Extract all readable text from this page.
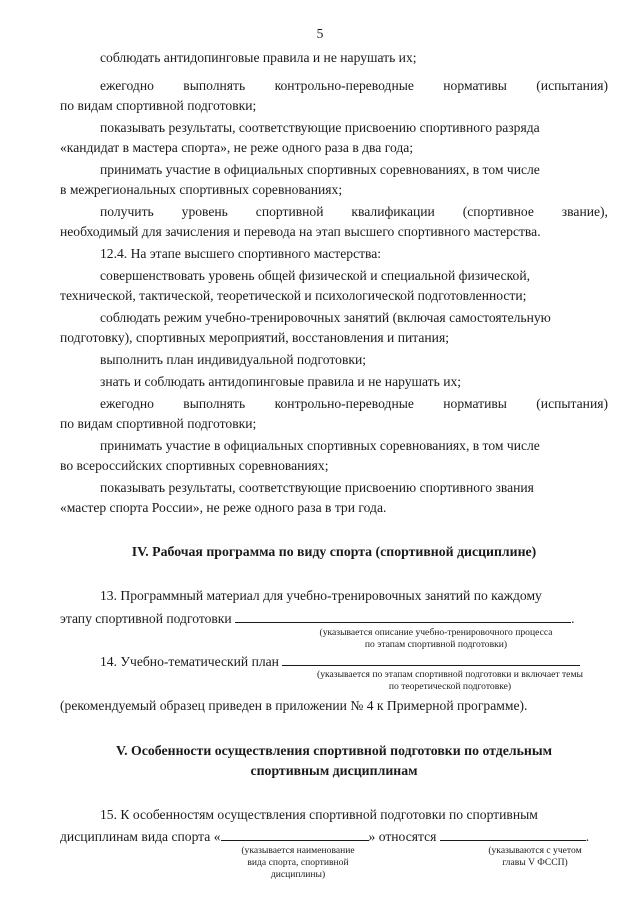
5
соблюдать антидопинговые правила и не нарушать их;
ежегодно выполнять контрольно-переводные нормативы (испытания)
по видам спортивной подготовки;
показывать результаты, соответствующие присвоению спортивного разряда
«кандидат в мастера спорта», не реже одного раза в два года;
принимать участие в официальных спортивных соревнованиях, в том числе
в межрегиональных спортивных соревнованиях;
получить уровень спортивной квалификации (спортивное звание),
необходимый для зачисления и перевода на этап высшего спортивного мастерства.
12.4. На этапе высшего спортивного мастерства:
совершенствовать уровень общей физической и специальной физической,
технической, тактической, теоретической и психологической подготовленности;
соблюдать режим учебно-тренировочных занятий (включая самостоятельную
подготовку), спортивных мероприятий, восстановления и питания;
выполнить план индивидуальной подготовки;
знать и соблюдать антидопинговые правила и не нарушать их;
ежегодно выполнять контрольно-переводные нормативы (испытания)
по видам спортивной подготовки;
принимать участие в официальных спортивных соревнованиях, в том числе
во всероссийских спортивных соревнованиях;
показывать результаты, соответствующие присвоению спортивного звания
«мастер спорта России», не реже одного раза в три года.
IV. Рабочая программа по виду спорта (спортивной дисциплине)
13. Программный материал для учебно-тренировочных занятий по каждому
этапу спортивной подготовки	.
(указывается описание учебно-тренировочного процесса
по этапам спортивной подготовки)
14. Учебно-тематический план
(указывается по этапам спортивной подготовки и включает темы
по теоретической подготовке)
(рекомендуемый образец приведен в приложении № 4 к Примерной программе).
V. Особенности осуществления спортивной подготовки по отдельным
спортивным дисциплинам
15. К особенностям осуществления спортивной подготовки по спортивным
дисциплинам вида спорта «	» относятся	.
(указывается наименование
вида спорта, спортивной
дисциплины)
(указываются с учетом
главы V ФССП)
